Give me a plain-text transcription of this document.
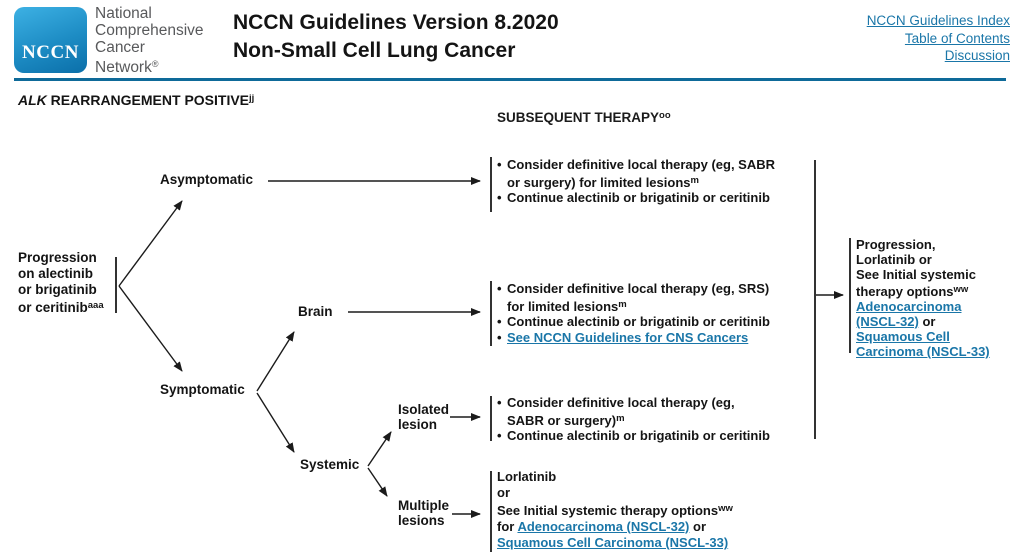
NCCN
National
Comprehensive
Cancer
Network®
NCCN Guidelines Version 8.2020
Non-Small Cell Lung Cancer
NCCN Guidelines Index
Table of Contents
Discussion
ALK REARRANGEMENT $POSITIVE^{jj}$
SUBSEQUENT $THERAPY^{oo}$
Progression
on alectinib
or brigatinib
or ceritinib$^{aaa}$
Asymptomatic
Symptomatic
Brain
Systemic
Isolated
lesion
Multiple
lesions
• Consider definitive local therapy (eg, SABR
or surgery) for limited lesions$^m$
• Continue alectinib or brigatinib or ceritinib
• Consider definitive local therapy (eg, SRS)
for limited lesions$^m$
• Continue alectinib or brigatinib or ceritinib
• See NCCN Guidelines for CNS Cancers
• Consider definitive local therapy (eg,
SABR or surgery)$^m$
• Continue alectinib or brigatinib or ceritinib
Lorlatinib
or
See Initial systemic therapy options$^{ww}$
for Adenocarcinoma (NSCL-32) or
Squamous Cell Carcinoma (NSCL-33)
Progression,
Lorlatinib or
See Initial systemic
therapy options$^{ww}$
Adenocarcinoma
(NSCL-32) or
Squamous Cell
Carcinoma (NSCL-33)
